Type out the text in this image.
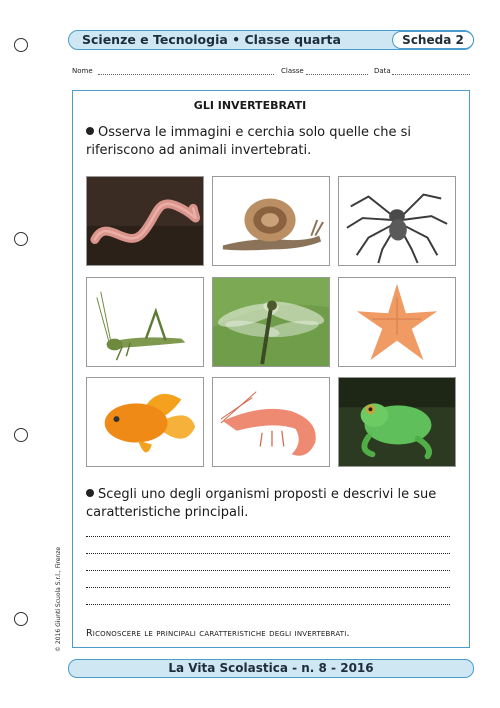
Scienze e Tecnologia • Classe quarta	Scheda 2
Nome	Classe	Data
GLI INVERTEBRATI
Osserva le immagini e cerchia solo quelle che si riferiscono ad animali invertebrati.
Scegli uno degli organismi proposti e descrivi le sue caratteristiche principali.
Riconoscere le principali caratteristiche degli invertebrati.
© 2016 Giunti Scuola S.r.l., Firenze
La Vita Scolastica - n. 8 - 2016
